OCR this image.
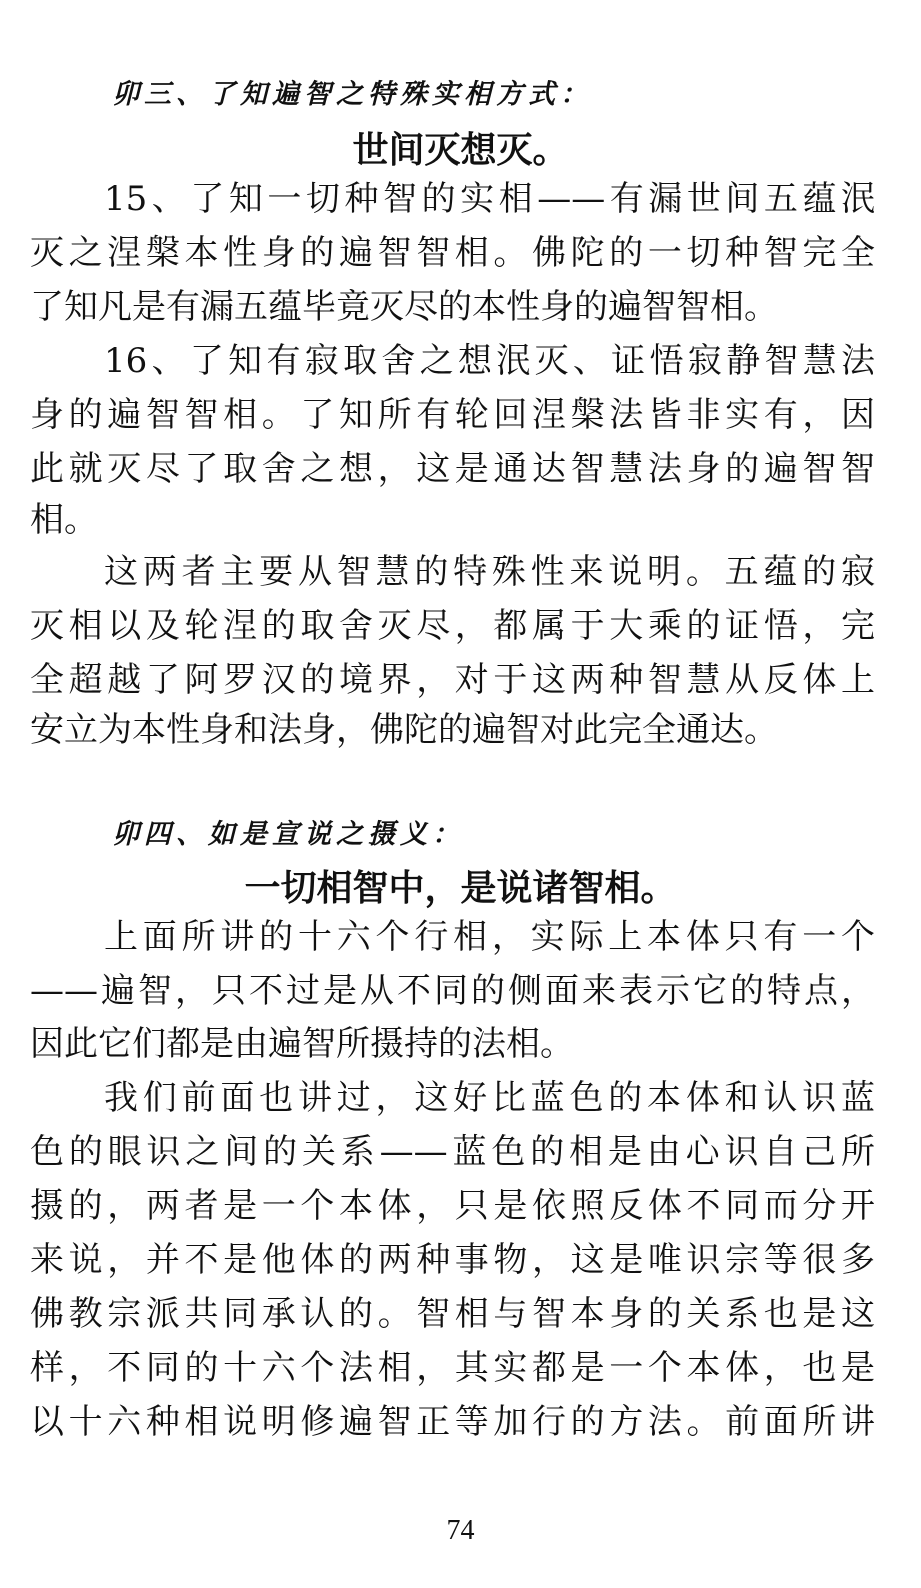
卯三、了知遍智之特殊实相方式：
世间灭想灭。
15、了知一切种智的实相——有漏世间五蕴泯
灭之涅槃本性身的遍智智相。佛陀的一切种智完全
了知凡是有漏五蕴毕竟灭尽的本性身的遍智智相。
16、了知有寂取舍之想泯灭、证悟寂静智慧法
身的遍智智相。了知所有轮回涅槃法皆非实有，因
此就灭尽了取舍之想，这是通达智慧法身的遍智智
相。
这两者主要从智慧的特殊性来说明。五蕴的寂
灭相以及轮涅的取舍灭尽，都属于大乘的证悟，完
全超越了阿罗汉的境界，对于这两种智慧从反体上
安立为本性身和法身，佛陀的遍智对此完全通达。
卯四、如是宣说之摄义：
一切相智中，是说诸智相。
上面所讲的十六个行相，实际上本体只有一个
——遍智，只不过是从不同的侧面来表示它的特点，
因此它们都是由遍智所摄持的法相。
我们前面也讲过，这好比蓝色的本体和认识蓝
色的眼识之间的关系——蓝色的相是由心识自己所
摄的，两者是一个本体，只是依照反体不同而分开
来说，并不是他体的两种事物，这是唯识宗等很多
佛教宗派共同承认的。智相与智本身的关系也是这
样，不同的十六个法相，其实都是一个本体，也是
以十六种相说明修遍智正等加行的方法。前面所讲
74
